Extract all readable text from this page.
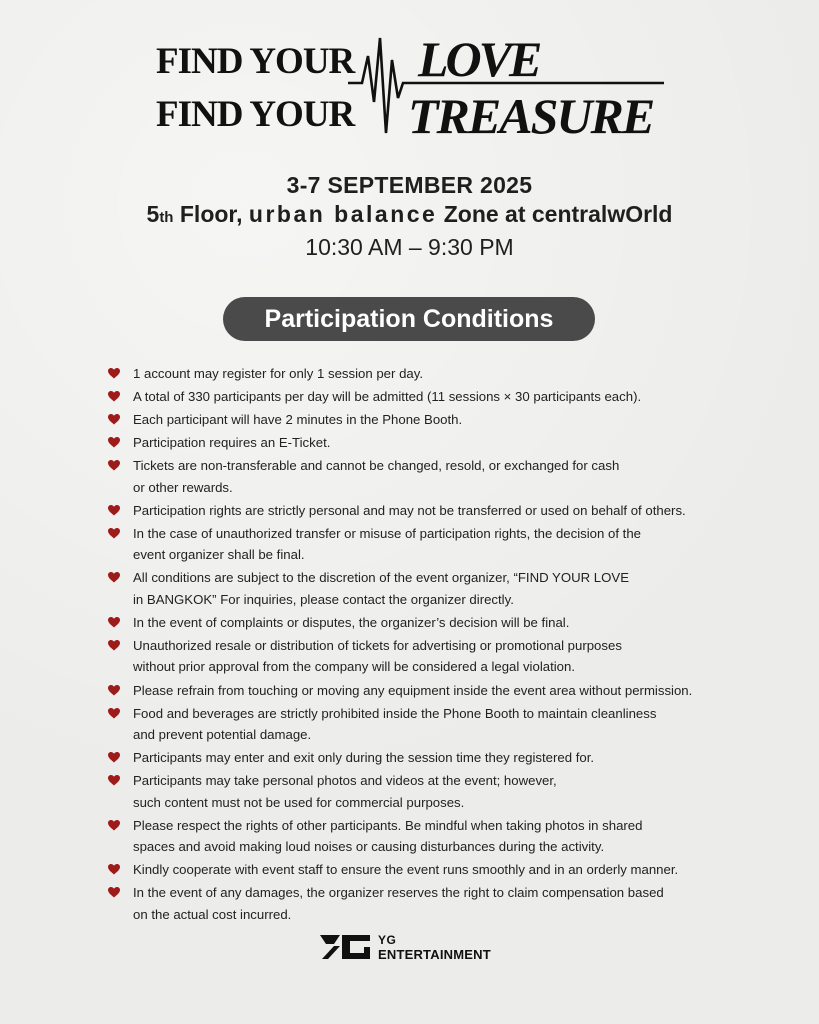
FIND YOUR
FIND YOUR
LOVE
TREASURE
3-7 SEPTEMBER 2025
5th Floor, urban balance Zone at centralwOrld
10:30 AM – 9:30 PM
Participation Conditions
1 account may register for only 1 session per day.
A total of 330 participants per day will be admitted (11 sessions × 30 participants each).
Each participant will have 2 minutes in the Phone Booth.
Participation requires an E-Ticket.
Tickets are non-transferable and cannot be changed, resold, or exchanged for cash
or other rewards.
Participation rights are strictly personal and may not be transferred or used on behalf of others.
In the case of unauthorized transfer or misuse of participation rights, the decision of the
event organizer shall be final.
All conditions are subject to the discretion of the event organizer, “FIND YOUR LOVE
in BANGKOK” For inquiries, please contact the organizer directly.
In the event of complaints or disputes, the organizer’s decision will be final.
Unauthorized resale or distribution of tickets for advertising or promotional purposes
without prior approval from the company will be considered a legal violation.
Please refrain from touching or moving any equipment inside the event area without permission.
Food and beverages are strictly prohibited inside the Phone Booth to maintain cleanliness
and prevent potential damage.
Participants may enter and exit only during the session time they registered for.
Participants may take personal photos and videos at the event; however,
such content must not be used for commercial purposes.
Please respect the rights of other participants. Be mindful when taking photos in shared
spaces and avoid making loud noises or causing disturbances during the activity.
Kindly cooperate with event staff to ensure the event runs smoothly and in an orderly manner.
In the event of any damages, the organizer reserves the right to claim compensation based
on the actual cost incurred.
YG
ENTERTAINMENT
